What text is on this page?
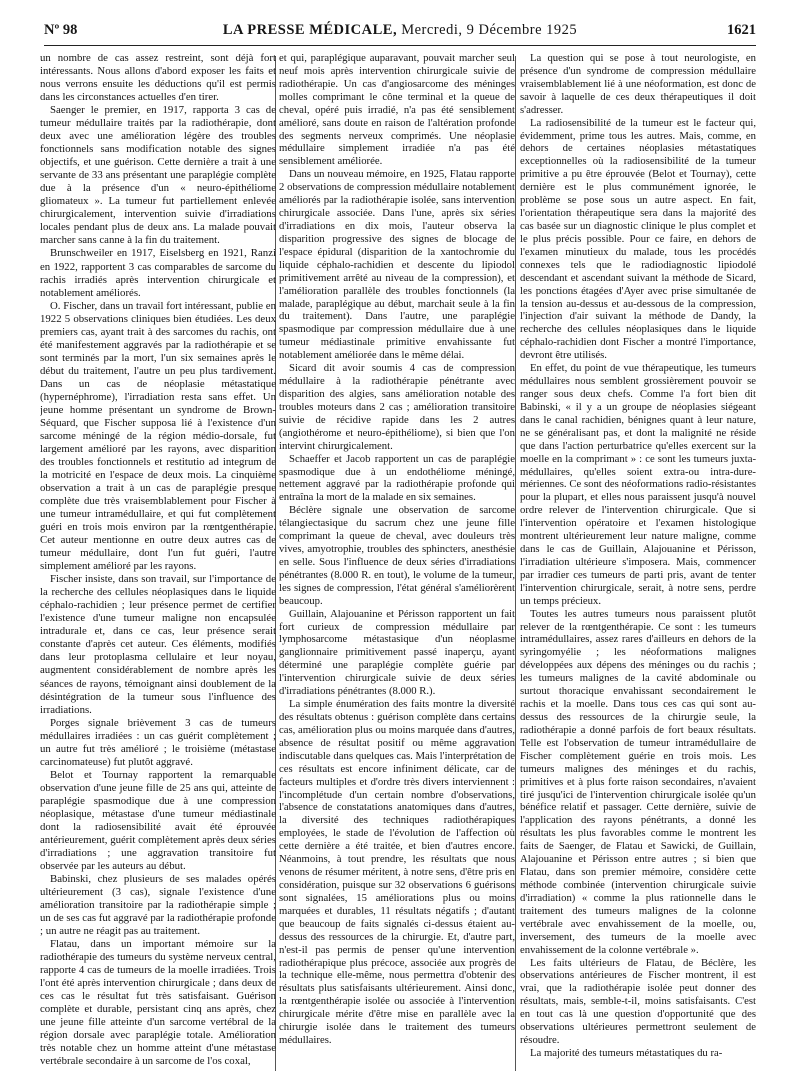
Nº 98	LA PRESSE MÉDICALE, Mercredi, 9 Décembre 1925	1621

un nombre de cas assez restreint, sont déjà fort intéressants. Nous allons d'abord exposer les faits et nous verrons ensuite les déductions qu'il est permis dans les circonstances actuelles d'en tirer.

Saenger le premier, en 1917, rapporta 3 cas de tumeur médullaire traités par la radiothérapie, dont deux avec une amélioration légère des troubles fonctionnels sans modification notable des signes objectifs, et une guérison. Cette dernière a trait à une servante de 33 ans présentant une paraplégie complète due à la présence d'un « neuro-épithéliome gliomateux ». La tumeur fut partiellement enlevée chirurgicalement, intervention suivie d'irradiations locales pendant plus de deux ans. La malade pouvait marcher sans canne à la fin du traitement.

Brunschweiler en 1917, Eiselsberg en 1921, Ranzi en 1922, rapportent 3 cas comparables de sarcome du rachis irradiés après intervention chirurgicale et notablement améliorés.

O. Fischer, dans un travail fort intéressant, publie en 1922 5 observations cliniques bien étudiées. Les deux premiers cas, ayant trait à des sarcomes du rachis, ont été manifestement aggravés par la radiothérapie et se sont terminés par la mort, l'un six semaines après le début du traitement, l'autre un peu plus tardivement. Dans un cas de néoplasie métastatique (hypernéphrome), l'irradiation resta sans effet. Un jeune homme présentant un syndrome de Brown-Séquard, que Fischer supposa lié à l'existence d'un sarcome méningé de la région médio-dorsale, fut largement amélioré par les rayons, avec disparition des troubles fonctionnels et restitutio ad integrum de la motricité en l'espace de deux mois. La cinquième observation a trait à un cas de paraplégie presque complète due très vraisemblablement pour Fischer à une tumeur intramédullaire, et qui fut complètement guéri en trois mois environ par la rœntgenthérapie. Cet auteur mentionne en outre deux autres cas de tumeur médullaire, dont l'un fut guéri, l'autre simplement amélioré par les rayons.

Fischer insiste, dans son travail, sur l'importance de la recherche des cellules néoplasiques dans le liquide céphalo-rachidien ; leur présence permet de certifier l'existence d'une tumeur maligne non encapsulée intradurale et, dans ce cas, leur présence serait constante d'après cet auteur. Ces éléments, modifiés dans leur protoplasma cellulaire et leur noyau, augmentent considérablement de nombre après les séances de rayons, témoignant ainsi doublement de la désintégration de la tumeur sous l'influence des irradiations.

Porges signale brièvement 3 cas de tumeurs médullaires irradiées : un cas guérit complètement ; un autre fut très amélioré ; le troisième (métastase carcinomateuse) fut plutôt aggravé.

Belot et Tournay rapportent la remarquable observation d'une jeune fille de 25 ans qui, atteinte de paraplégie spasmodique due à une compression néoplasique, métastase d'une tumeur médiastinale dont la radiosensibilité avait été éprouvée antérieurement, guérit complètement après deux séries d'irradiations ; une aggravation transitoire fut observée par les auteurs au début.

Babinski, chez plusieurs de ses malades opérés ultérieurement (3 cas), signale l'existence d'une amélioration transitoire par la radiothérapie simple ; un de ses cas fut aggravé par la radiothérapie profonde ; un autre ne réagit pas au traitement.

Flatau, dans un important mémoire sur la radiothérapie des tumeurs du système nerveux central, rapporte 4 cas de tumeurs de la moelle irradiées. Trois l'ont été après intervention chirurgicale ; dans deux de ces cas le résultat fut très satisfaisant. Guérison complète et durable, persistant cinq ans après, chez une jeune fille atteinte d'un sarcome vertébral de la région dorsale avec paraplégie totale. Amélioration très notable chez un homme atteint d'une métastase vertébrale secondaire à un sarcome de l'os coxal,

et qui, paraplégique auparavant, pouvait marcher seul neuf mois après intervention chirurgicale suivie de radiothérapie. Un cas d'angiosarcome des méninges molles comprimant le cône terminal et la queue de cheval, opéré puis irradié, n'a pas été sensiblement amélioré, sans doute en raison de l'altération profonde des segments nerveux comprimés. Une néoplasie médullaire simplement irradiée n'a pas été sensiblement améliorée.

Dans un nouveau mémoire, en 1925, Flatau rapporte 2 observations de compression médullaire notablement améliorés par la radiothérapie isolée, sans intervention chirurgicale associée. Dans l'une, après six séries d'irradiations en dix mois, l'auteur observa la disparition progressive des signes de blocage de l'espace épidural (disparition de la xantochromie du liquide céphalo-rachidien et descente du lipiodol primitivement arrêté au niveau de la compression), et l'amélioration parallèle des troubles fonctionnels (la malade, paraplégique au début, marchait seule à la fin du traitement). Dans l'autre, une paraplégie spasmodique par compression médullaire due à une tumeur médiastinale primitive envahissante fut notablement améliorée dans le même délai.

Sicard dit avoir soumis 4 cas de compression médullaire à la radiothérapie pénétrante avec disparition des algies, sans amélioration notable des troubles moteurs dans 2 cas ; amélioration transitoire suivie de récidive rapide dans les 2 autres (angiothérome et neuro-épithéliome), si bien que l'on intervint chirurgicalement.

Schaeffer et Jacob rapportent un cas de paraplégie spasmodique due à un endothéliome méningé, nettement aggravé par la radiothérapie profonde qui entraîna la mort de la malade en six semaines.

Béclère signale une observation de sarcome télangiectasique du sacrum chez une jeune fille comprimant la queue de cheval, avec douleurs très vives, amyotrophie, troubles des sphincters, anesthésie en selle. Sous l'influence de deux séries d'irradiations pénétrantes (8.000 R. en tout), le volume de la tumeur, les signes de compression, l'état général s'améliorèrent beaucoup.

Guillain, Alajouanine et Périsson rapportent un fait fort curieux de compression médullaire par lymphosarcome métastasique d'un néoplasme ganglionnaire primitivement passé inaperçu, ayant déterminé une paraplégie complète guérie par l'intervention chirurgicale suivie de deux séries d'irradiations pénétrantes (8.000 R.).

La simple énumération des faits montre la diversité des résultats obtenus : guérison complète dans certains cas, amélioration plus ou moins marquée dans d'autres, absence de résultat positif ou même aggravation indiscutable dans quelques cas. Mais l'interprétation de ces résultats est encore infiniment délicate, car de facteurs multiples et d'ordre très divers interviennent : l'incomplétude d'un certain nombre d'observations, l'absence de constatations anatomiques dans d'autres, la diversité des techniques radiothérapiques employées, le stade de l'évolution de l'affection où cette dernière a été traitée, et bien d'autres encore. Néanmoins, à tout prendre, les résultats que nous venons de résumer méritent, à notre sens, d'être pris en considération, puisque sur 32 observations 6 guérisons sont signalées, 15 améliorations plus ou moins marquées et durables, 11 résultats négatifs ; d'autant que beaucoup de faits signalés ci-dessus étaient au-dessus des ressources de la chirurgie. Et, d'autre part, n'est-il pas permis de penser qu'une intervention radiothérapique plus précoce, associée aux progrès de la technique elle-même, nous permettra d'obtenir des résultats plus satisfaisants ultérieurement. Ainsi donc, la rœntgenthérapie isolée ou associée à l'intervention chirurgicale mérite d'être mise en parallèle avec la chirurgie isolée dans le traitement des tumeurs médullaires.

La question qui se pose à tout neurologiste, en présence d'un syndrome de compression médullaire vraisemblablement lié à une néoformation, est donc de savoir à laquelle de ces deux thérapeutiques il doit s'adresser.

La radiosensibilité de la tumeur est le facteur qui, évidemment, prime tous les autres. Mais, comme, en dehors de certaines néoplasies métastatiques exceptionnelles où la radiosensibilité de la tumeur primitive a pu être éprouvée (Belot et Tournay), cette dernière est le plus communément ignorée, le problème se pose sous un autre aspect. En fait, l'orientation thérapeutique sera dans la majorité des cas basée sur un diagnostic clinique le plus complet et le plus précis possible. Pour ce faire, en dehors de l'examen minutieux du malade, tous les procédés connexes tels que le radiodiagnostic lipiodolé descendant et ascendant suivant la méthode de Sicard, les ponctions étagées d'Ayer avec prise simultanée de la tension au-dessus et au-dessous de la compression, l'injection d'air suivant la méthode de Dandy, la recherche des cellules néoplasiques dans le liquide céphalo-rachidien dont Fischer a montré l'importance, devront être utilisés.

En effet, du point de vue thérapeutique, les tumeurs médullaires nous semblent grossièrement pouvoir se ranger sous deux chefs. Comme l'a fort bien dit Babinski, « il y a un groupe de néoplasies siégeant dans le canal rachidien, bénignes quant à leur nature, ne se généralisant pas, et dont la malignité ne réside que dans l'action perturbatrice qu'elles exercent sur la moelle en la comprimant » : ce sont les tumeurs juxta-médullaires, qu'elles soient extra-ou intra-dure-mériennes. Ce sont des néoformations radio-résistantes pour la plupart, et elles nous paraissent jusqu'à nouvel ordre relever de l'intervention chirurgicale. Que si l'intervention opératoire et l'examen histologique montrent ultérieurement leur nature maligne, comme dans le cas de Guillain, Alajouanine et Périsson, l'irradiation ultérieure s'imposera. Mais, commencer par irradier ces tumeurs de parti pris, avant de tenter l'intervention chirurgicale, serait, à notre sens, perdre un temps précieux.

Toutes les autres tumeurs nous paraissent plutôt relever de la rœntgenthérapie. Ce sont : les tumeurs intramédullaires, assez rares d'ailleurs en dehors de la syringomyélie ; les néoformations malignes développées aux dépens des méninges ou du rachis ; les tumeurs malignes de la cavité abdominale ou surtout thoracique envahissant secondairement le rachis et la moelle. Dans tous ces cas qui sont au-dessus des ressources de la chirurgie seule, la radiothérapie a donné parfois de fort beaux résultats. Telle est l'observation de tumeur intramédullaire de Fischer complètement guérie en trois mois. Les tumeurs malignes des méninges et du rachis, primitives et à plus forte raison secondaires, n'avaient tiré jusqu'ici de l'intervention chirurgicale isolée qu'un bénéfice relatif et passager. Cette dernière, suivie de l'application des rayons pénétrants, a donné les résultats les plus favorables comme le montrent les faits de Saenger, de Flatau et Sawicki, de Guillain, Alajouanine et Périsson entre autres ; si bien que Flatau, dans son premier mémoire, considère cette méthode combinée (intervention chirurgicale suivie d'irradiation) « comme la plus rationnelle dans le traitement des tumeurs malignes de la colonne vertébrale avec envahissement de la moelle, ou, inversement, des tumeurs de la moelle avec envahissement de la colonne vertébrale ».

Les faits ultérieurs de Flatau, de Béclère, les observations antérieures de Fischer montrent, il est vrai, que la radiothérapie isolée peut donner des résultats, mais, semble-t-il, moins satisfaisants. C'est en tout cas là une question d'opportunité que des observations ultérieures permettront seulement de résoudre.

La majorité des tumeurs métastatiques du ra-
